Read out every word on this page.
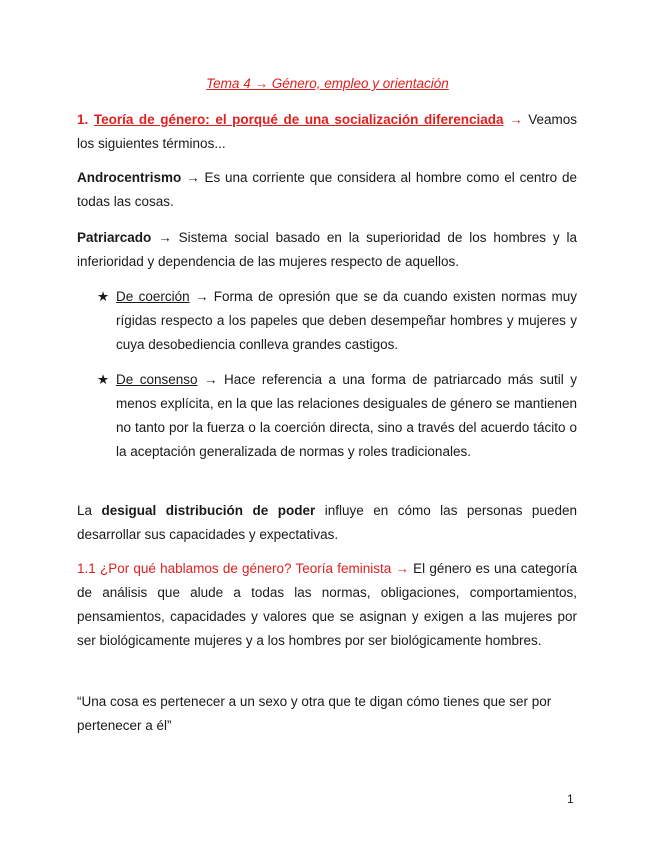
Tema 4 → Género, empleo y orientación

1. Teoría de género: el porqué de una socialización diferenciada → Veamos los siguientes términos...

Androcentrismo → Es una corriente que considera al hombre como el centro de todas las cosas.

Patriarcado → Sistema social basado en la superioridad de los hombres y la inferioridad y dependencia de las mujeres respecto de aquellos.

★ De coerción → Forma de opresión que se da cuando existen normas muy rígidas respecto a los papeles que deben desempeñar hombres y mujeres y cuya desobediencia conlleva grandes castigos.

★ De consenso → Hace referencia a una forma de patriarcado más sutil y menos explícita, en la que las relaciones desiguales de género se mantienen no tanto por la fuerza o la coerción directa, sino a través del acuerdo tácito o la aceptación generalizada de normas y roles tradicionales.

La desigual distribución de poder influye en cómo las personas pueden desarrollar sus capacidades y expectativas.

1.1 ¿Por qué hablamos de género? Teoría feminista → El género es una categoría de análisis que alude a todas las normas, obligaciones, comportamientos, pensamientos, capacidades y valores que se asignan y exigen a las mujeres por ser biológicamente mujeres y a los hombres por ser biológicamente hombres.

“Una cosa es pertenecer a un sexo y otra que te digan cómo tienes que ser por pertenecer a él”

1
